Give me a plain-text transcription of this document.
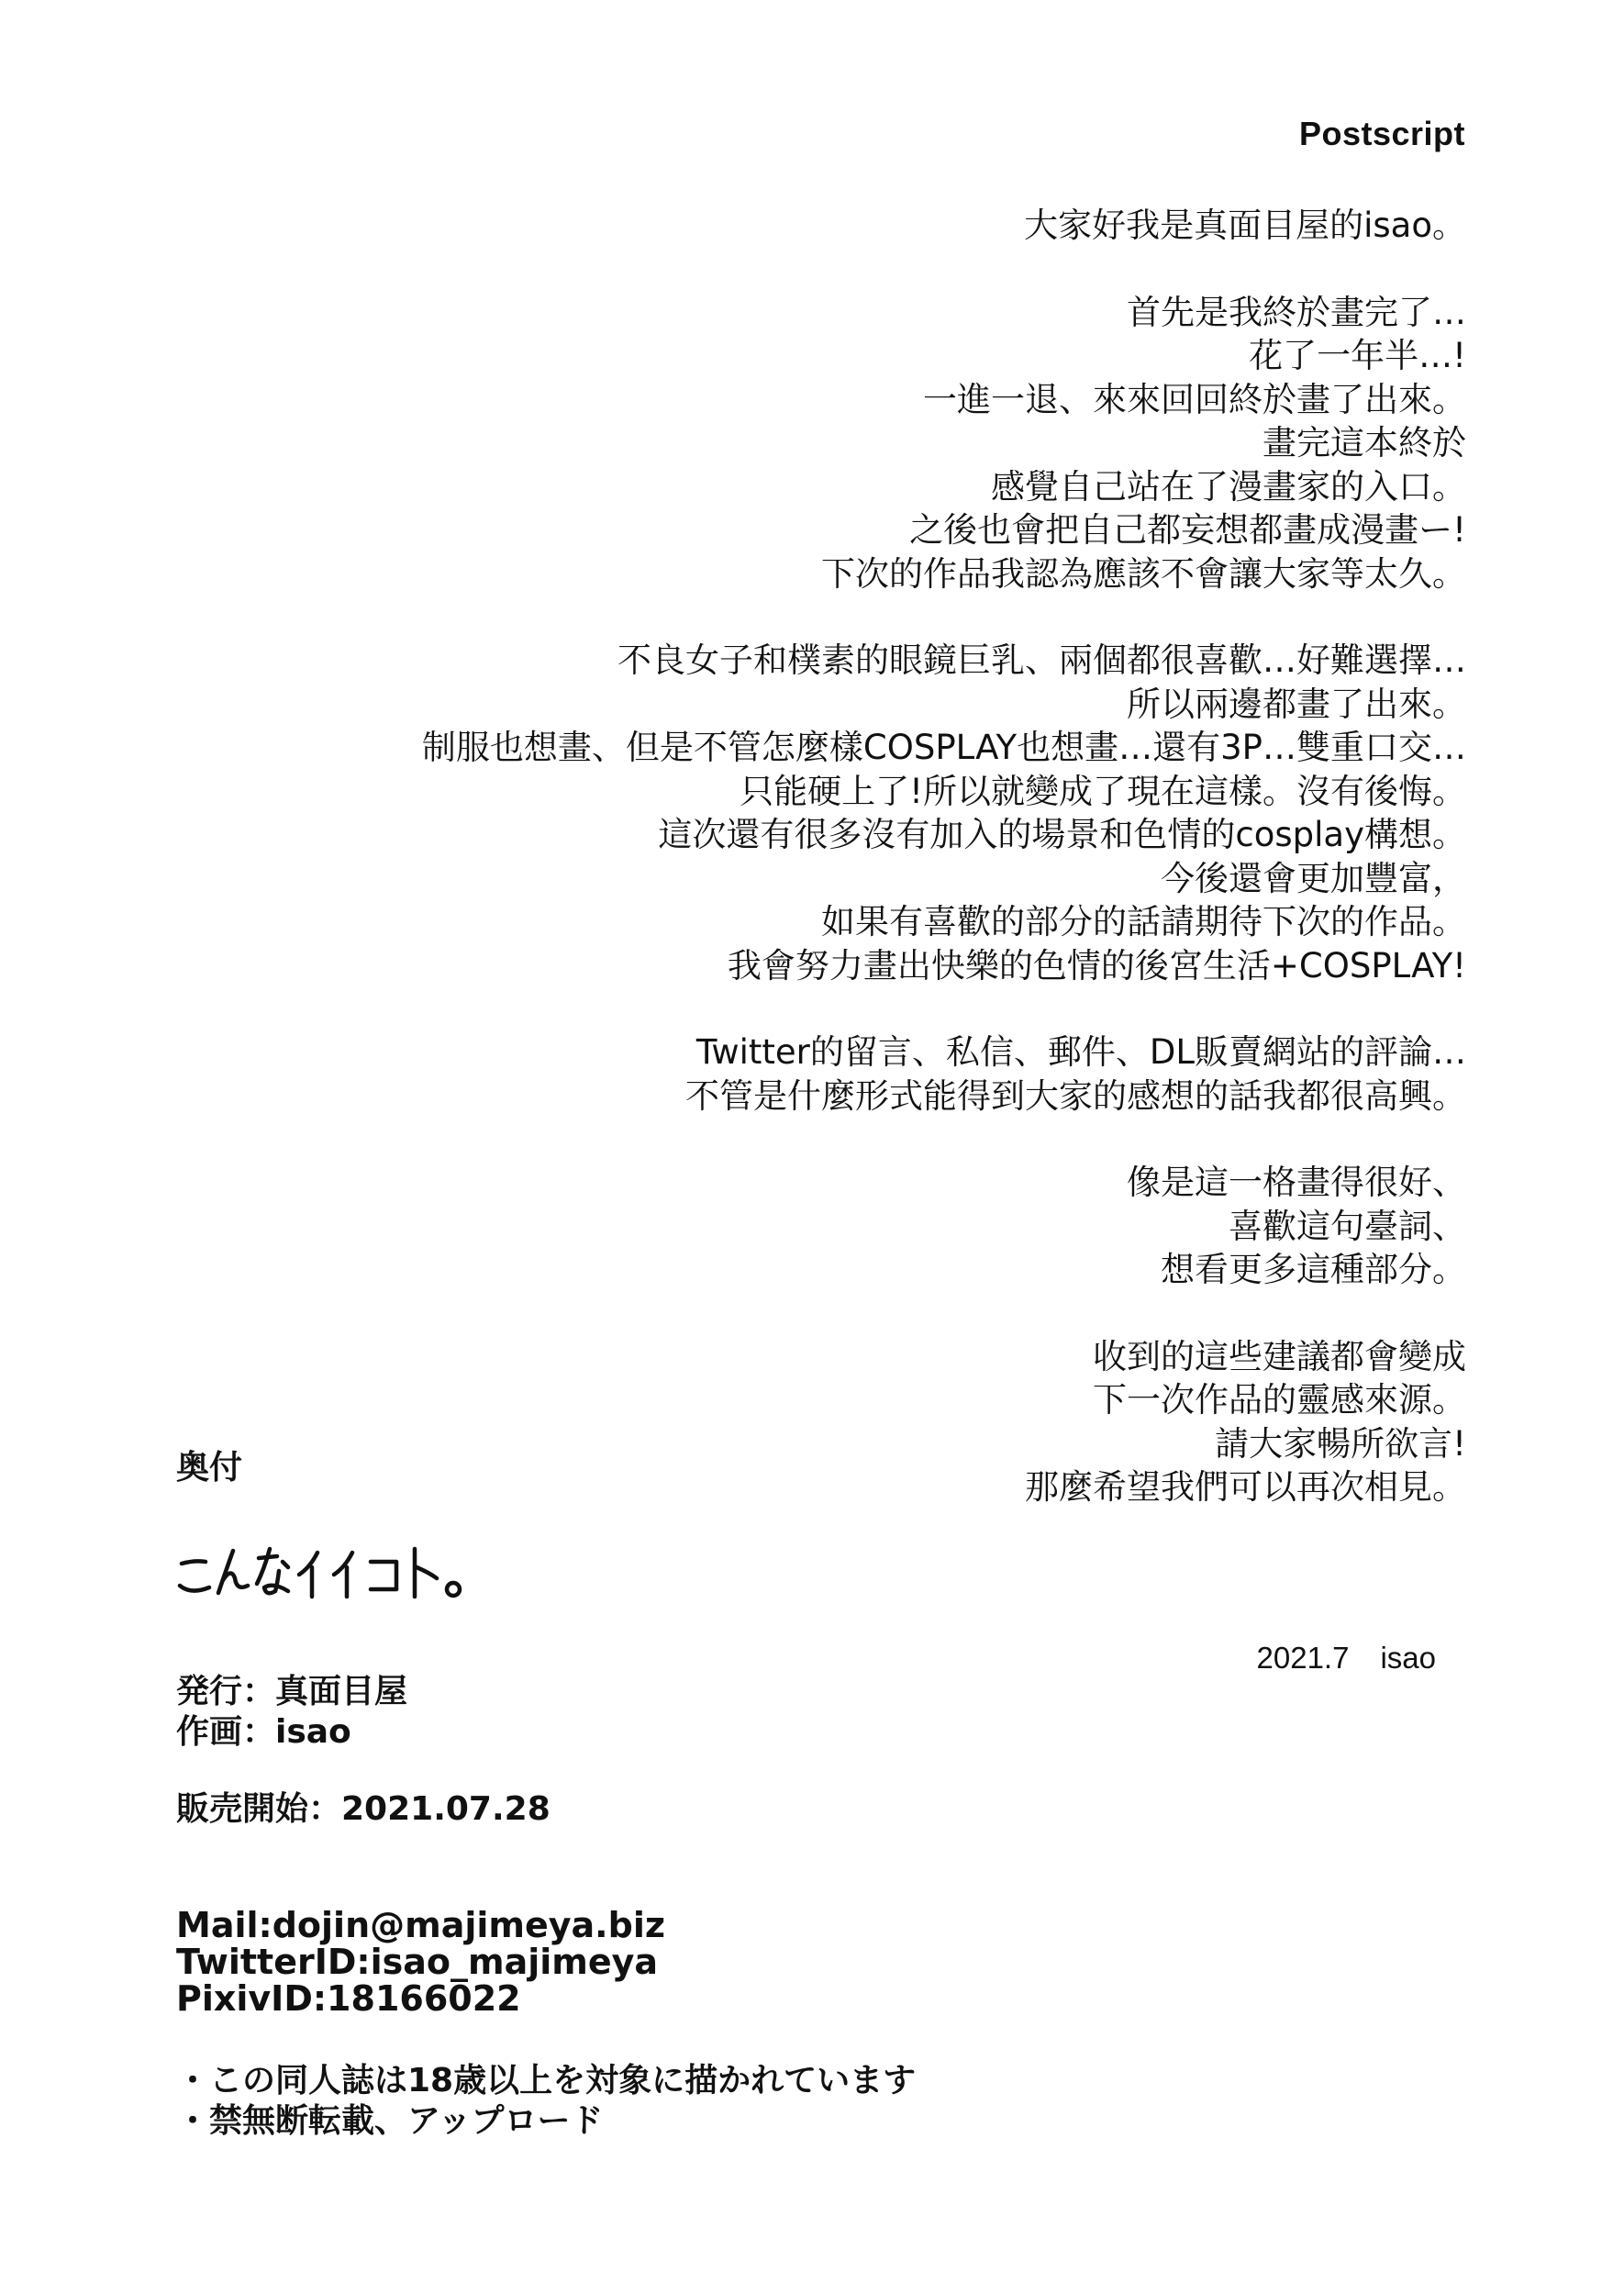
Postscript
大家好我是真面目屋的isao。
首先是我終於畫完了…
花了一年半…!
一進一退、來來回回終於畫了出來。
畫完這本終於
感覺自己站在了漫畫家的入口。
之後也會把自己都妄想都畫成漫畫ー!
下次的作品我認為應該不會讓大家等太久。
不良女子和樸素的眼鏡巨乳、兩個都很喜歡…好難選擇…
所以兩邊都畫了出來。
制服也想畫、但是不管怎麼樣COSPLAY也想畫…還有3P…雙重口交…
只能硬上了!所以就變成了現在這樣。沒有後悔。
這次還有很多沒有加入的場景和色情的cosplay構想。
今後還會更加豐富，
如果有喜歡的部分的話請期待下次的作品。
我會努力畫出快樂的色情的後宮生活+COSPLAY!
Twitter的留言、私信、郵件、DL販賣網站的評論…
不管是什麼形式能得到大家的感想的話我都很高興。
像是這一格畫得很好、
喜歡這句臺詞、
想看更多這種部分。
收到的這些建議都會變成
下一次作品的靈感來源。
請大家暢所欲言!
那麼希望我們可以再次相見。
2021.7 isao
奥付
発行：真面目屋
作画：isao
販売開始：2021.07.28
Mail:dojin@majimeya.biz
TwitterID:isao_majimeya
PixivID:18166022
・この同人誌は18歳以上を対象に描かれています
・禁無断転載、アップロード
